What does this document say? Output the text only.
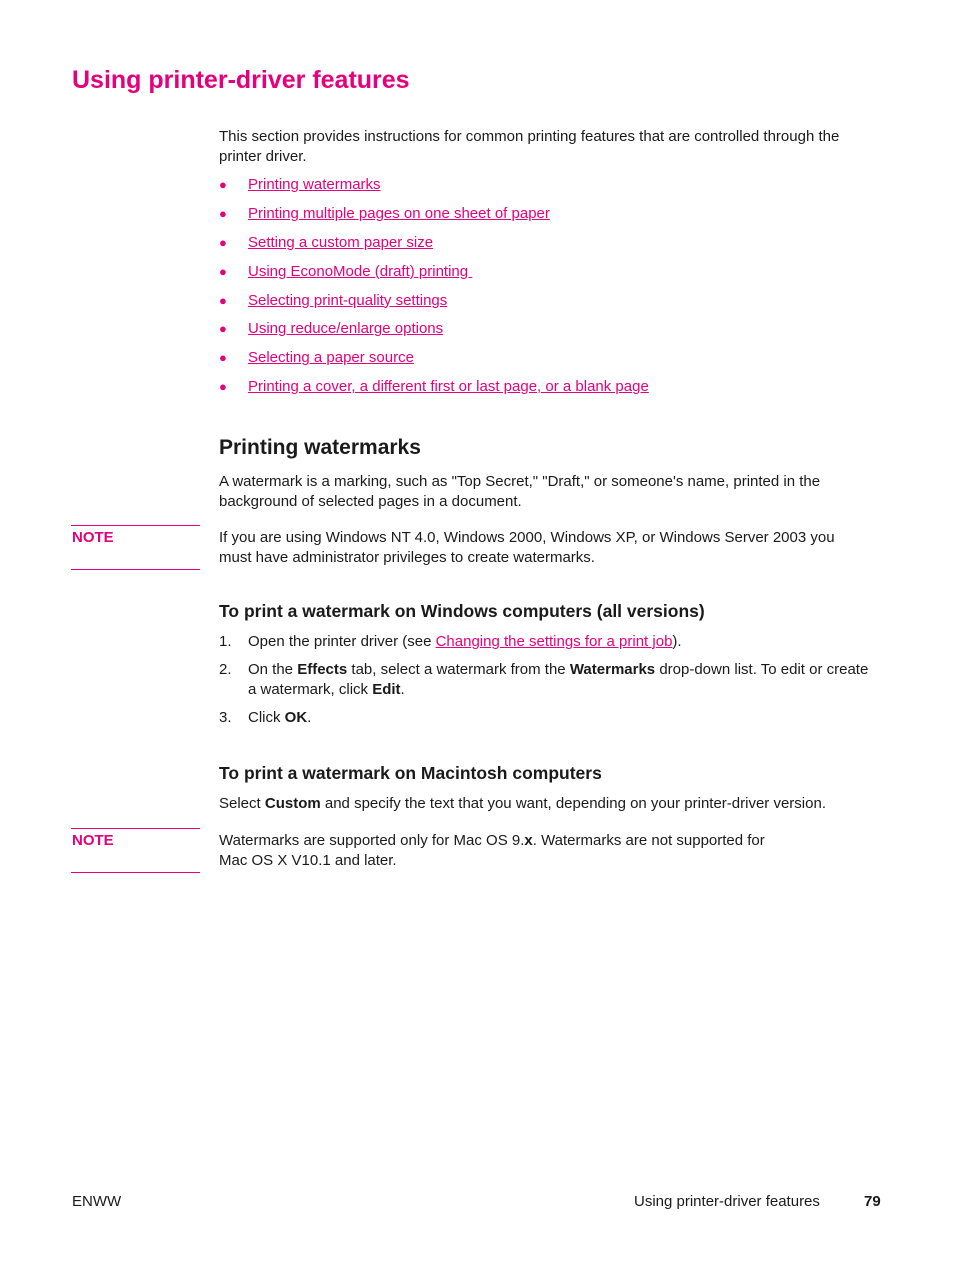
Using printer-driver features
This section provides instructions for common printing features that are controlled through the printer driver.
●	Printing watermarks
●	Printing multiple pages on one sheet of paper
●	Setting a custom paper size
●	Using EconoMode (draft) printing
●	Selecting print-quality settings
●	Using reduce/enlarge options
●	Selecting a paper source
●	Printing a cover, a different first or last page, or a blank page
Printing watermarks
A watermark is a marking, such as "Top Secret," "Draft," or someone's name, printed in the background of selected pages in a document.
NOTE	If you are using Windows NT 4.0, Windows 2000, Windows XP, or Windows Server 2003 you must have administrator privileges to create watermarks.
To print a watermark on Windows computers (all versions)
1.	Open the printer driver (see Changing the settings for a print job).
2.	On the Effects tab, select a watermark from the Watermarks drop-down list. To edit or create a watermark, click Edit.
3.	Click OK.
To print a watermark on Macintosh computers
Select Custom and specify the text that you want, depending on your printer-driver version.
NOTE	Watermarks are supported only for Mac OS 9.x. Watermarks are not supported for
Mac OS X V10.1 and later.
ENWW	Using printer-driver features	79
